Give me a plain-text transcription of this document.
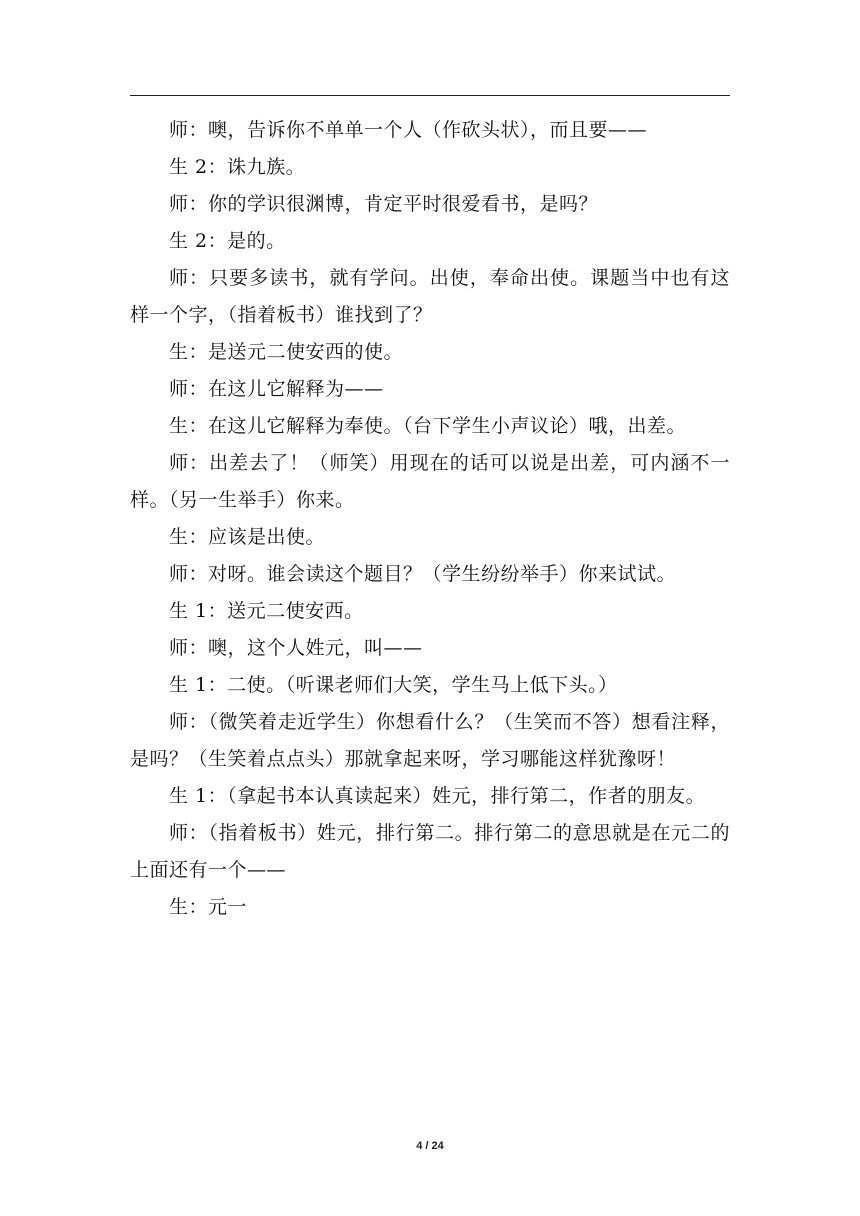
师：噢，告诉你不单单一个人（作砍头状），而且要——

生 2：诛九族。

师：你的学识很渊博，肯定平时很爱看书，是吗？

生 2：是的。

师：只要多读书，就有学问。出使，奉命出使。课题当中也有这样一个字，（指着板书）谁找到了？

生：是送元二使安西的使。

师：在这儿它解释为——

生：在这儿它解释为奉使。（台下学生小声议论）哦，出差。

师：出差去了！（师笑）用现在的话可以说是出差，可内涵不一样。（另一生举手）你来。

生：应该是出使。

师：对呀。谁会读这个题目？（学生纷纷举手）你来试试。

生 1：送元二使安西。

师：噢，这个人姓元，叫——

生 1：二使。（听课老师们大笑，学生马上低下头。）

师：（微笑着走近学生）你想看什么？（生笑而不答）想看注释，是吗？（生笑着点点头）那就拿起来呀，学习哪能这样犹豫呀！

生 1：（拿起书本认真读起来）姓元，排行第二，作者的朋友。

师：（指着板书）姓元，排行第二。排行第二的意思就是在元二的上面还有一个——

生：元一

4 / 24
